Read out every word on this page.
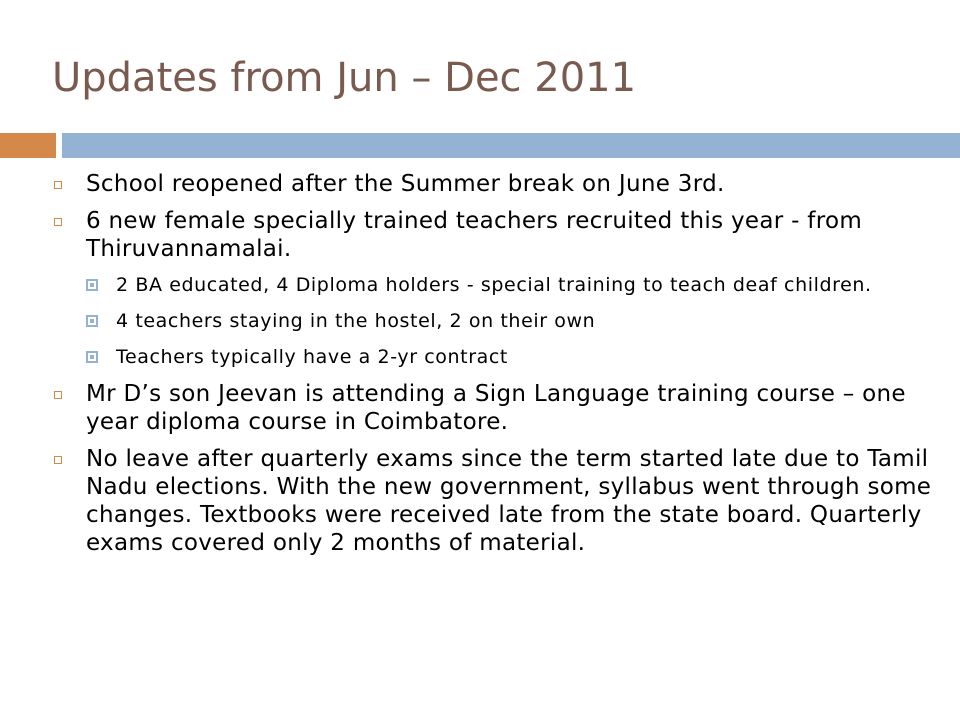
Updates from Jun – Dec 2011
School reopened after the Summer break on June 3rd.
6 new female specially trained teachers recruited this year - from Thiruvannamalai.
2 BA educated, 4 Diploma holders - special training to teach deaf children.
4 teachers staying in the hostel, 2 on their own
Teachers typically have a 2-yr contract
Mr D’s son Jeevan is attending a Sign Language training course – one year diploma course in Coimbatore.
No leave after quarterly exams since the term started late due to Tamil Nadu elections. With the new government, syllabus went through some changes. Textbooks were received late from the state board. Quarterly exams covered only 2 months of material.
